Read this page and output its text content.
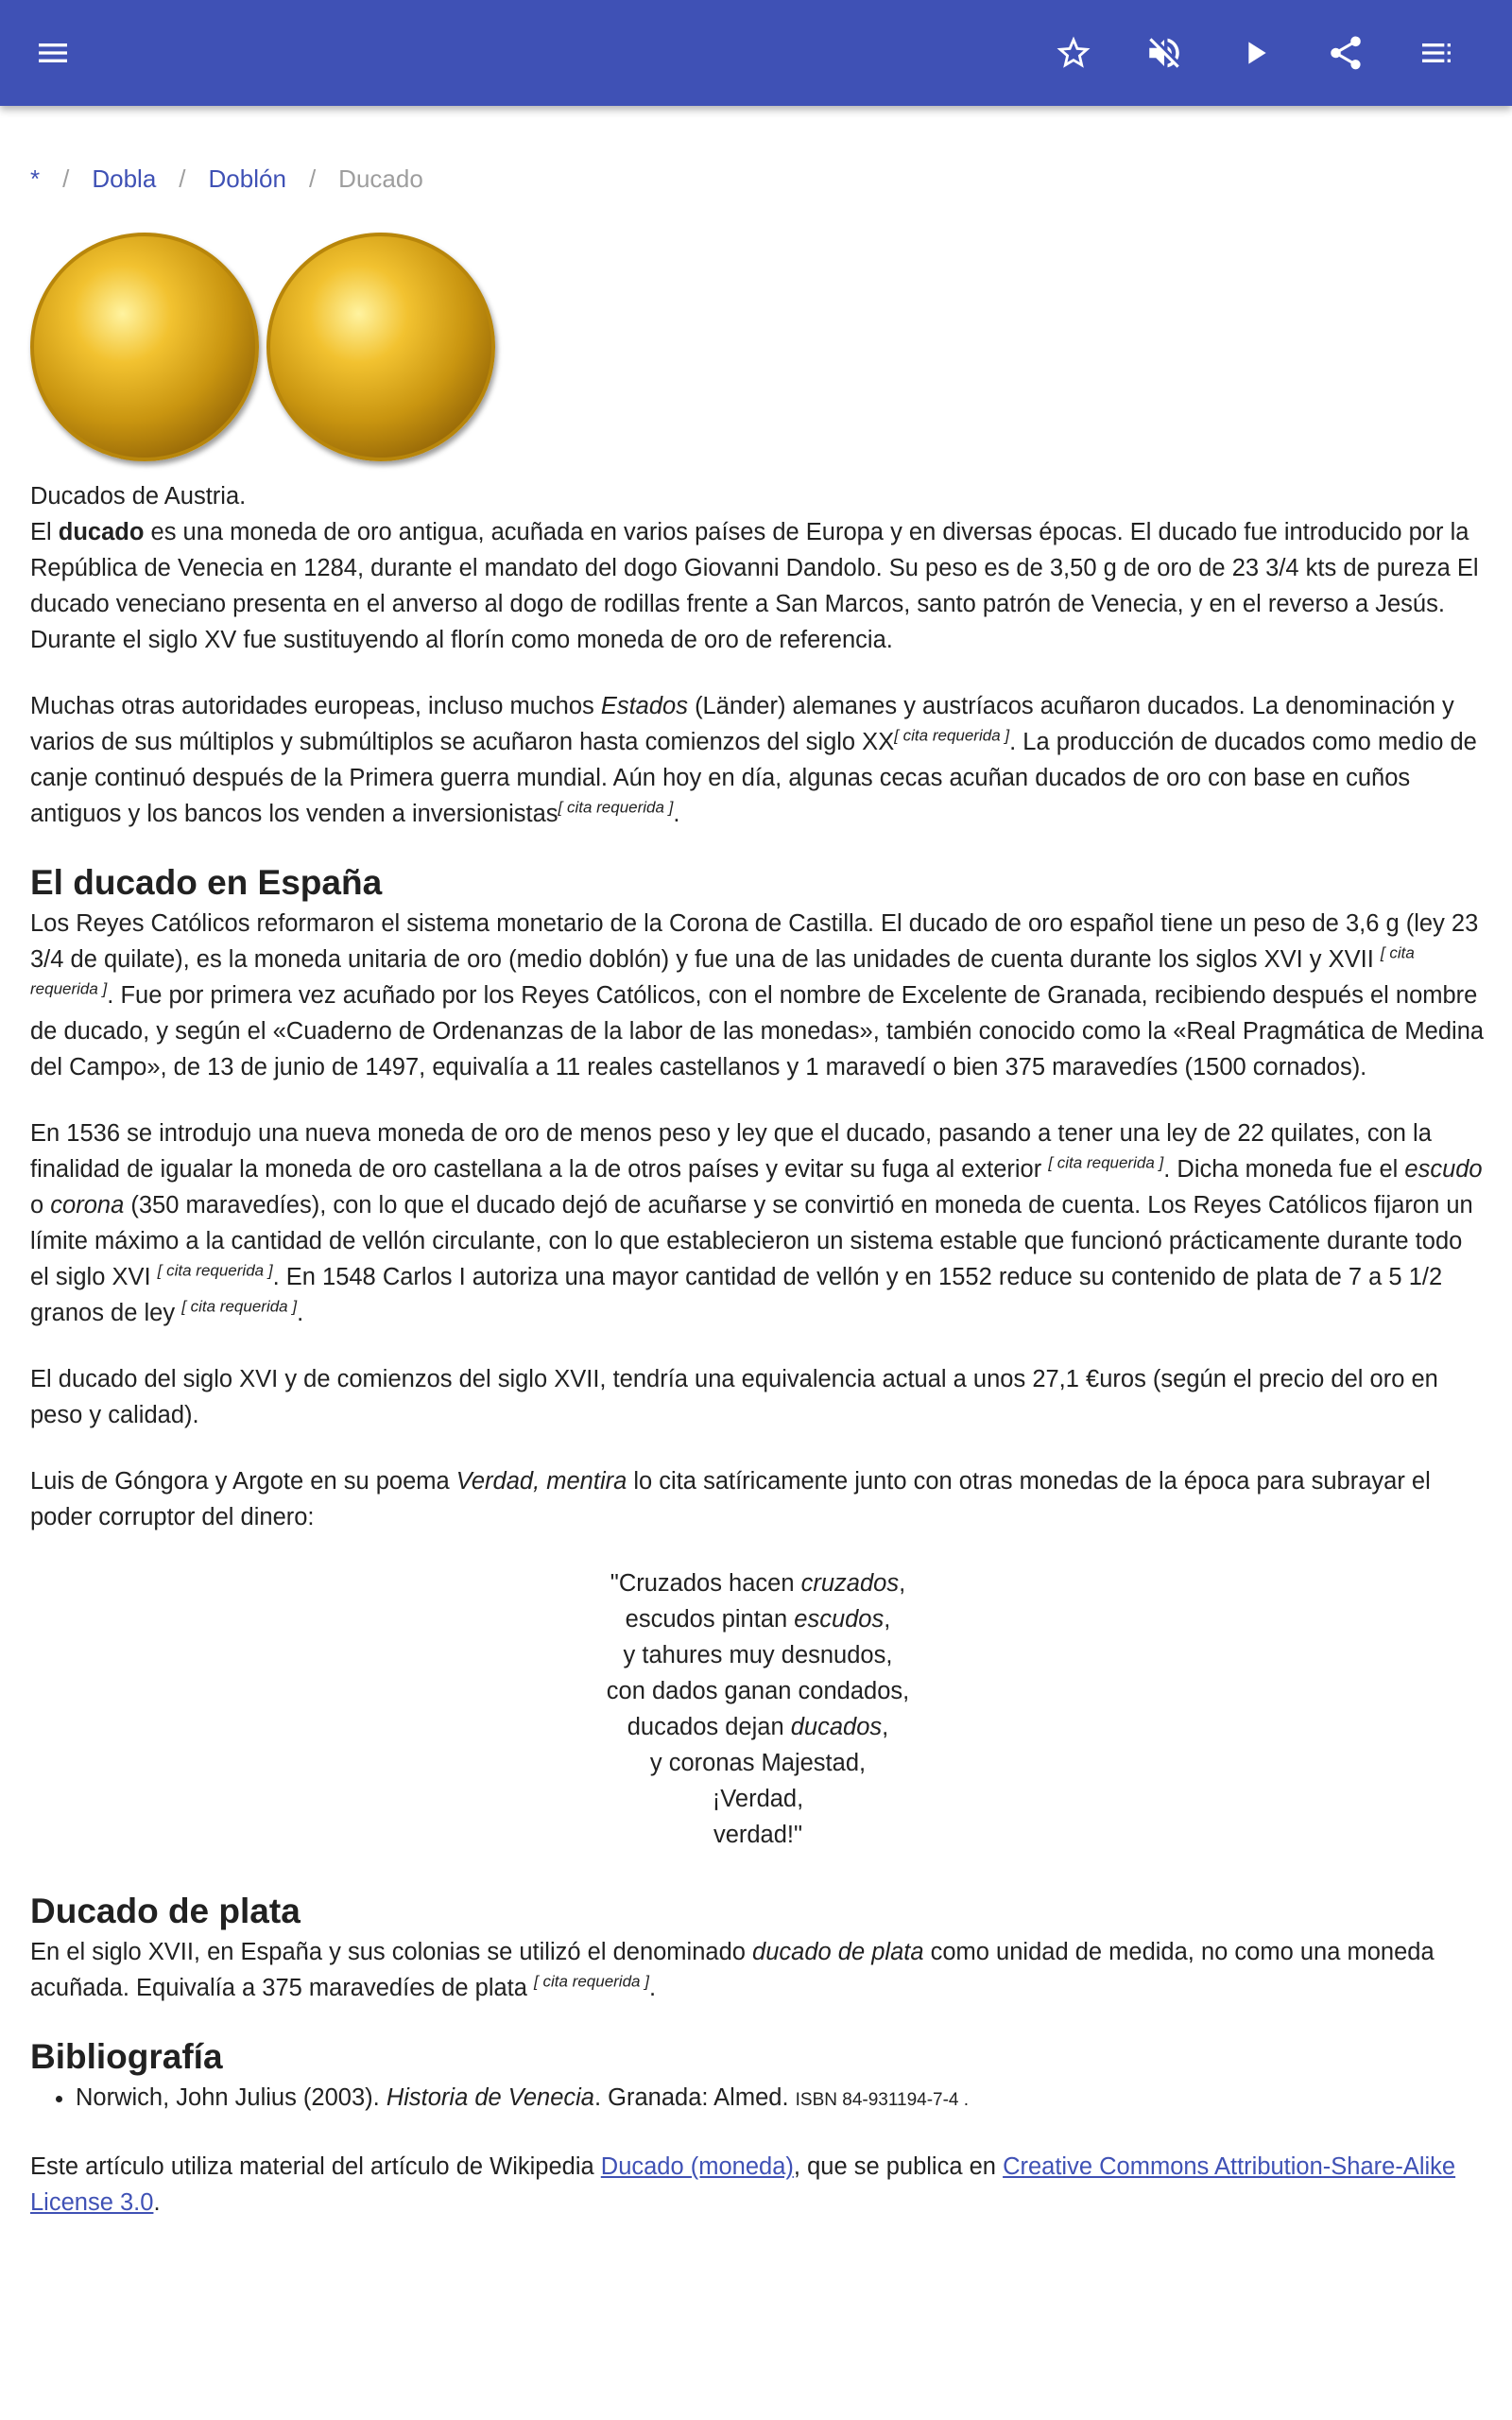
* / Dobla / Doblón / Ducado
Ducados de Austria.

El ducado es una moneda de oro antigua, acuñada en varios países de Europa y en diversas épocas. El ducado fue introducido por la República de Venecia en 1284, durante el mandato del dogo Giovanni Dandolo. Su peso es de 3,50 g de oro de 23 3/4 kts de pureza El ducado veneciano presenta en el anverso al dogo de rodillas frente a San Marcos, santo patrón de Venecia, y en el reverso a Jesús. Durante el siglo XV fue sustituyendo al florín como moneda de oro de referencia.

Muchas otras autoridades europeas, incluso muchos Estados (Länder) alemanes y austríacos acuñaron ducados. La denominación y varios de sus múltiplos y submúltiplos se acuñaron hasta comienzos del siglo XX[ cita requerida ]. La producción de ducados como medio de canje continuó después de la Primera guerra mundial. Aún hoy en día, algunas cecas acuñan ducados de oro con base en cuños antiguos y los bancos los venden a inversionistas[ cita requerida ].

El ducado en España

Los Reyes Católicos reformaron el sistema monetario de la Corona de Castilla. El ducado de oro español tiene un peso de 3,6 g (ley 23 3/4 de quilate), es la moneda unitaria de oro (medio doblón) y fue una de las unidades de cuenta durante los siglos XVI y XVII [ cita requerida ]. Fue por primera vez acuñado por los Reyes Católicos, con el nombre de Excelente de Granada, recibiendo después el nombre de ducado, y según el «Cuaderno de Ordenanzas de la labor de las monedas», también conocido como la «Real Pragmática de Medina del Campo», de 13 de junio de 1497, equivalía a 11 reales castellanos y 1 maravedí o bien 375 maravedíes (1500 cornados).

En 1536 se introdujo una nueva moneda de oro de menos peso y ley que el ducado, pasando a tener una ley de 22 quilates, con la finalidad de igualar la moneda de oro castellana a la de otros países y evitar su fuga al exterior [ cita requerida ]. Dicha moneda fue el escudo o corona (350 maravedíes), con lo que el ducado dejó de acuñarse y se convirtió en moneda de cuenta. Los Reyes Católicos fijaron un límite máximo a la cantidad de vellón circulante, con lo que establecieron un sistema estable que funcionó prácticamente durante todo el siglo XVI [ cita requerida ]. En 1548 Carlos I autoriza una mayor cantidad de vellón y en 1552 reduce su contenido de plata de 7 a 5 1/2 granos de ley [ cita requerida ].

El ducado del siglo XVI y de comienzos del siglo XVII, tendría una equivalencia actual a unos 27,1 €uros (según el precio del oro en peso y calidad).

Luis de Góngora y Argote en su poema Verdad, mentira lo cita satíricamente junto con otras monedas de la época para subrayar el poder corruptor del dinero:

"Cruzados hacen cruzados,
escudos pintan escudos,
y tahures muy desnudos,
con dados ganan condados,
ducados dejan ducados,
y coronas Majestad,
¡Verdad,
verdad!"
Ducado de plata

En el siglo XVII, en España y sus colonias se utilizó el denominado ducado de plata como unidad de medida, no como una moneda acuñada. Equivalía a 375 maravedíes de plata [ cita requerida ].

Bibliografía
• Norwich, John Julius (2003). Historia de Venecia. Granada: Almed. ISBN 84-931194-7-4 .

Este artículo utiliza material del artículo de Wikipedia Ducado (moneda), que se publica en Creative Commons Attribution-Share-Alike License 3.0.
